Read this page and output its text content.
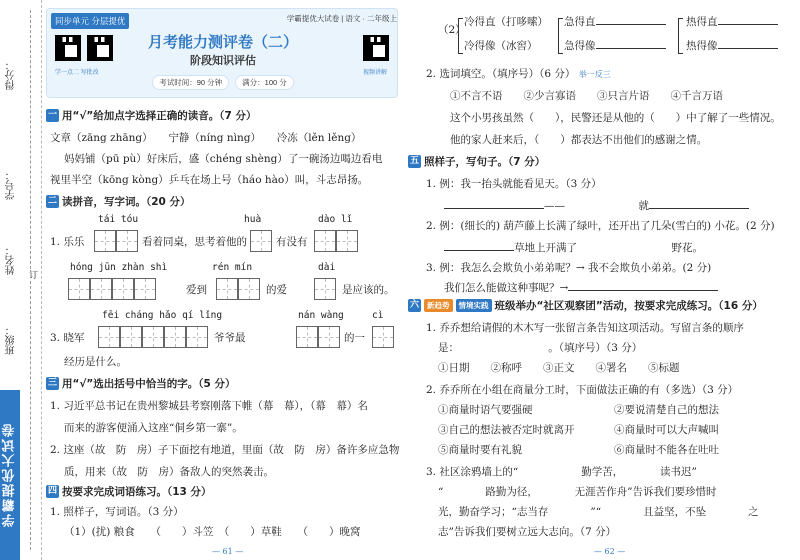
得分：
学号：
姓名：
班级：
订
学霸提优大试卷
同步单元 分层提优	学霸提优大试卷 | 语文 · 二年级上
学一点二 写批改	视频讲解
月考能力测评卷（二）
阶段知识评估
考试时间：90 分钟	满分：100 分
一 用“√”给加点字选择正确的读音。（7 分）
文章（zāng zhāng）　　宁静（níng nìng）　　冷冻（lěn lěng）
妈妈铺（pū pù）好床后，盛（chéng shèng）了一碗汤边喝边看电
视里半空（kōng kòng）乒乓在场上号（háo hào）叫，斗志昂扬。
二 读拼音，写字词。（20 分）
tái tóu	huà	dào lǐ
1. 乐乐	看着同桌，思考着他的	有没有
hóng jūn zhàn shì	rén mín	dài
爱到	的爱	是应该的。
fēi cháng hǎo qí lǐng	nán wàng	cì
3. 晓军	爷爷最	的一
经历是什么。
三 用“√”选出括号中恰当的字。（5 分）
1. 习近平总书记在贵州黎城县考察刚落下帷（幕　幕），（幕　幕）名
而来的游客便涌入这座“侗乡第一寨”。
2. 这座（故　防　房）子下面挖有地道，里面（故　防　房）备许多应急物
质，用来（故　防　房）备敌人的突然袭击。
四 按要求完成词语练习。（13 分）
1. 照样子，写词语。（3 分）
（1）(扰) 粮食　　（　　）斗笠　（　　）草鞋　　（　　）晚窝
— 61 —
（2）
冷得直（打哆嗦） 急得直	热得直
冷得像（冰窖）	急得像	热得像
2. 选词填空。（填序号）（6 分） 举一反三
①不言不语　　②少言寡语　　③只言片语　　④千言万语
这个小男孩虽然（　　），民警还是从他的（　　）中了解了一些情况。
他的家人赶来后，（　　）都表达不出他们的感谢之情。
五 照样子，写句子。（7 分）
1. 例：我一抬头就能看见天。（3 分）
——　　　　　　　就
2. 例：(细长的) 葫芦藤上长满了绿叶，还开出了几朵(雪白的) 小花。(2 分)
草地上开满了　　　　　　　　　野花。
3. 例：我怎么会欺负小弟弟呢？→ 我不会欺负小弟弟。(2 分)
我们怎么能做这种事呢？→
六	新趋势	情境实践 班级举办“社区观察团”活动，按要求完成练习。（16 分）
1. 乔乔想给请假的木木写一张留言条告知这项活动。写留言条的顺序
是：　　　　　　　　　。（填序号）（3 分）
①日期　　②称呼　　③正文　　④署名　　⑤标题
2. 乔乔所在小组在商量分工时，下面做法正确的有（多选）（3 分）
①商量时语气要强硬	②要说清楚自己的想法
③自己的想法被否定时就离开	④商量时可以大声喊叫
⑤商量时要有礼貌	⑥商量时不能各在吐吐
3. 社区涂鸦墙上的“　　　　　　勤学苦，　　　　读书迟”
“　　　　路勤为径，　　　　无涯苦作舟”告诉我们要珍惜时
光，勤奋学习；“志当存　　　　”“　　　　且益坚，不坠　　　　之
志”告诉我们要树立远大志向。（7 分）
— 62 —
